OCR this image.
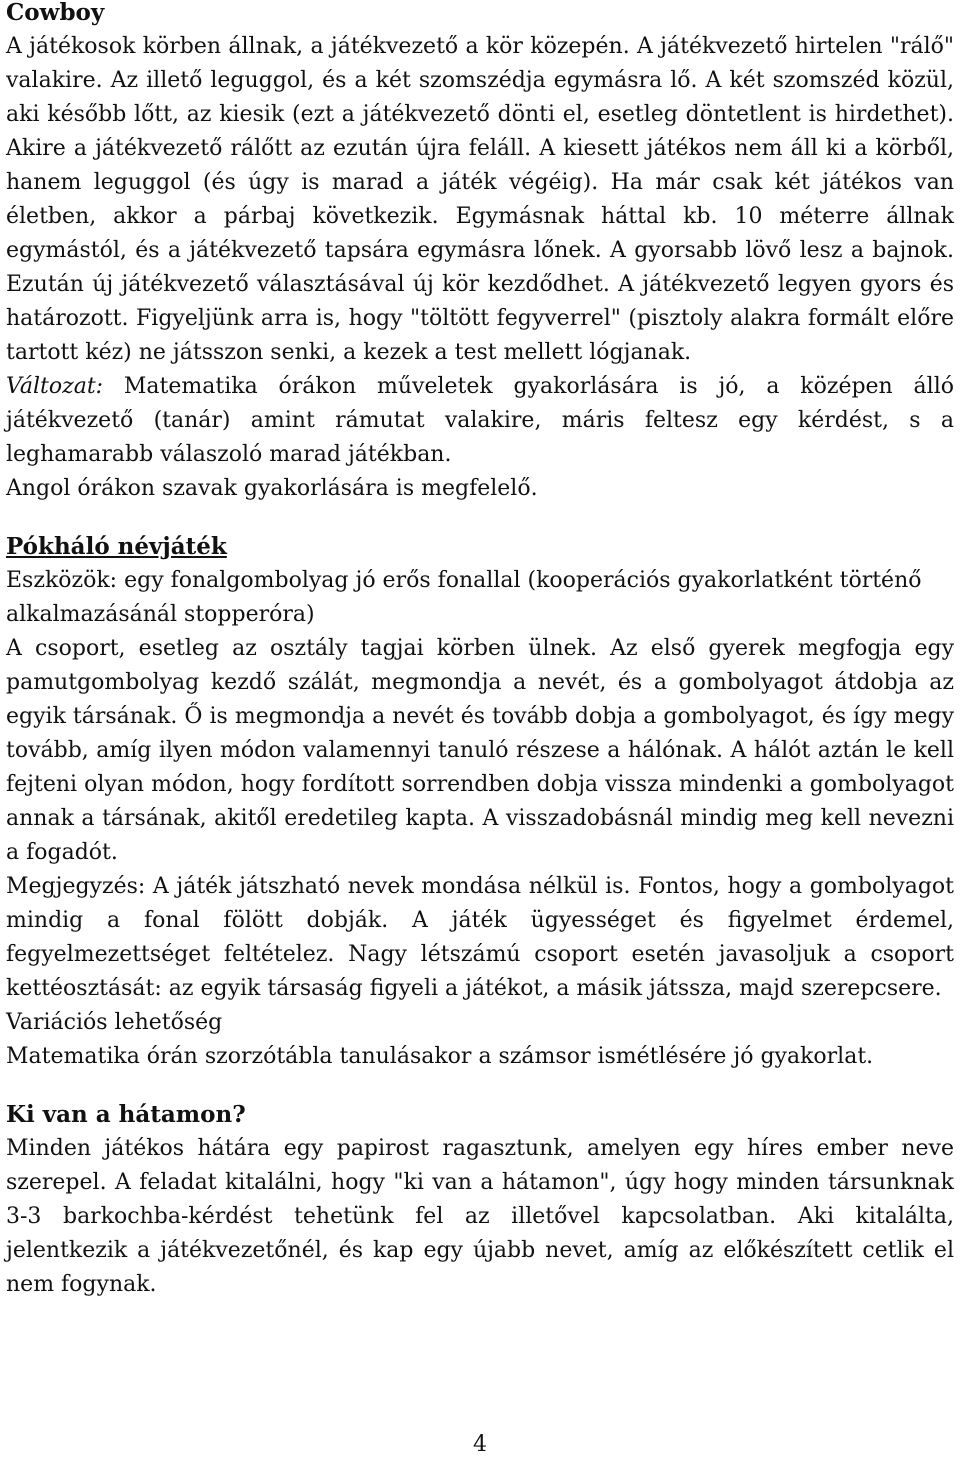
Cowboy

A játékosok körben állnak, a játékvezető a kör közepén. A játékvezető hirtelen "rálő" valakire. Az illető leguggol, és a két szomszédja egymásra lő. A két szomszéd közül, aki később lőtt, az kiesik (ezt a játékvezető dönti el, esetleg döntetlent is hirdethet). Akire a játékvezető rálőtt az ezután újra feláll. A kiesett játékos nem áll ki a körből, hanem leguggol (és úgy is marad a játék végéig). Ha már csak két játékos van életben, akkor a párbaj következik. Egymásnak háttal kb. 10 méterre állnak egymástól, és a játékvezető tapsára egymásra lőnek. A gyorsabb lövő lesz a bajnok. Ezután új játékvezető választásával új kör kezdődhet. A játékvezető legyen gyors és határozott. Figyeljünk arra is, hogy "töltött fegyverrel" (pisztoly alakra formált előre tartott kéz) ne játsszon senki, a kezek a test mellett lógjanak.

Változat: Matematika órákon műveletek gyakorlására is jó, a középen álló játékvezető (tanár) amint rámutat valakire, máris feltesz egy kérdést, s a leghamarabb válaszoló marad játékban.

Angol órákon szavak gyakorlására is megfelelő.

Pókháló névjáték

Eszközök: egy fonalgombolyag jó erős fonallal (kooperációs gyakorlatként történő alkalmazásánál stopperóra)

A csoport, esetleg az osztály tagjai körben ülnek. Az első gyerek megfogja egy pamutgombolyag kezdő szálát, megmondja a nevét, és a gombolyagot átdobja az egyik társának. Ő is megmondja a nevét és tovább dobja a gombolyagot, és így megy tovább, amíg ilyen módon valamennyi tanuló részese a hálónak. A hálót aztán le kell fejteni olyan módon, hogy fordított sorrendben dobja vissza mindenki a gombolyagot annak a társának, akitől eredetileg kapta. A visszadobásnál mindig meg kell nevezni a fogadót.

Megjegyzés: A játék játszható nevek mondása nélkül is. Fontos, hogy a gombolyagot mindig a fonal fölött dobják. A játék ügyességet és figyelmet érdemel, fegyelmezettséget feltételez. Nagy létszámú csoport esetén javasoljuk a csoport kettéosztását: az egyik társaság figyeli a játékot, a másik játssza, majd szerepcsere.

Variációs lehetőség

Matematika órán szorzótábla tanulásakor a számsor ismétlésére jó gyakorlat.

Ki van a hátamon?

Minden játékos hátára egy papirost ragasztunk, amelyen egy híres ember neve szerepel. A feladat kitalálni, hogy "ki van a hátamon", úgy hogy minden társunknak 3-3 barkochba-kérdést tehetünk fel az illetővel kapcsolatban. Aki kitalálta, jelentkezik a játékvezetőnél, és kap egy újabb nevet, amíg az előkészített cetlik el nem fogynak.

4
